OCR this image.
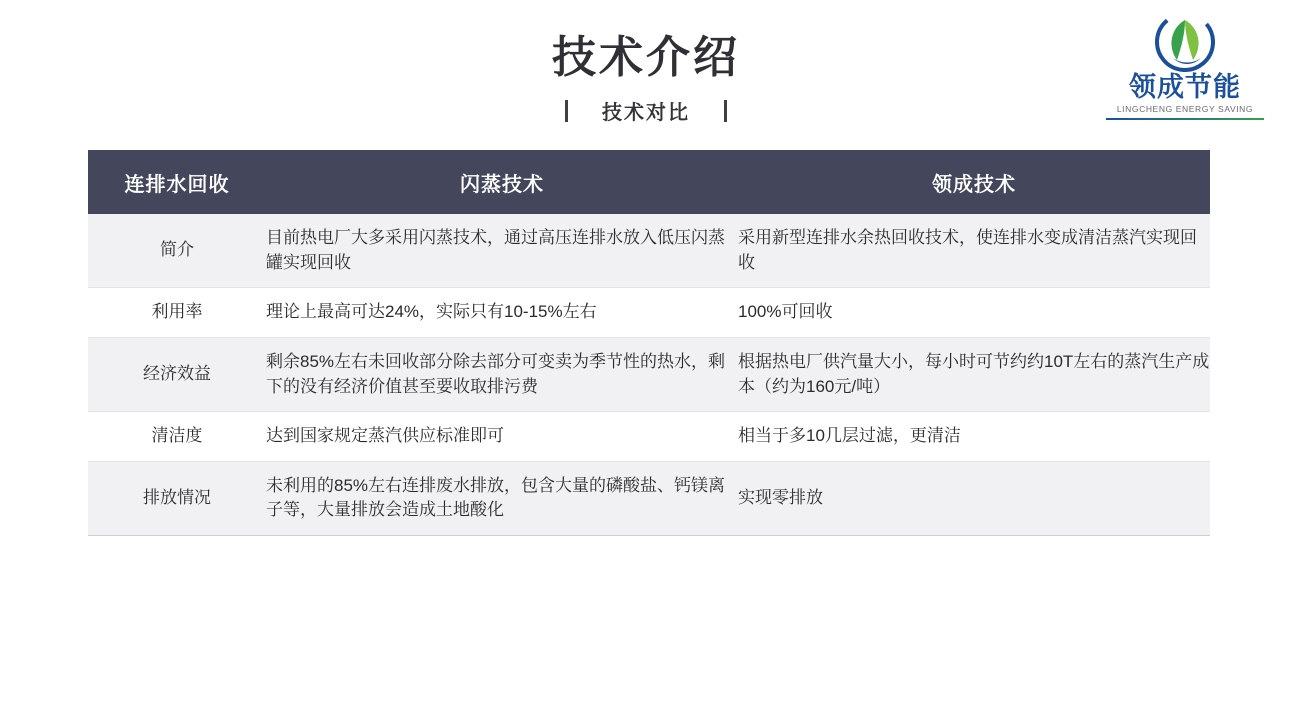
技术介绍
技术对比
领成节能
LINGCHENG ENERGY SAVING
连排水回收	闪蒸技术	领成技术
简介	目前热电厂大多采用闪蒸技术，通过高压连排水放入低压闪蒸罐实现回收	采用新型连排水余热回收技术，使连排水变成清洁蒸汽实现回收
利用率	理论上最高可达24%，实际只有10-15%左右	100%可回收
经济效益	剩余85%左右未回收部分除去部分可变卖为季节性的热水，剩下的没有经济价值甚至要收取排污费	根据热电厂供汽量大小，每小时可节约约10T左右的蒸汽生产成本（约为160元/吨）
清洁度	达到国家规定蒸汽供应标准即可	相当于多10几层过滤，更清洁
排放情况	未利用的85%左右连排废水排放，包含大量的磷酸盐、钙镁离子等，大量排放会造成土地酸化	实现零排放
